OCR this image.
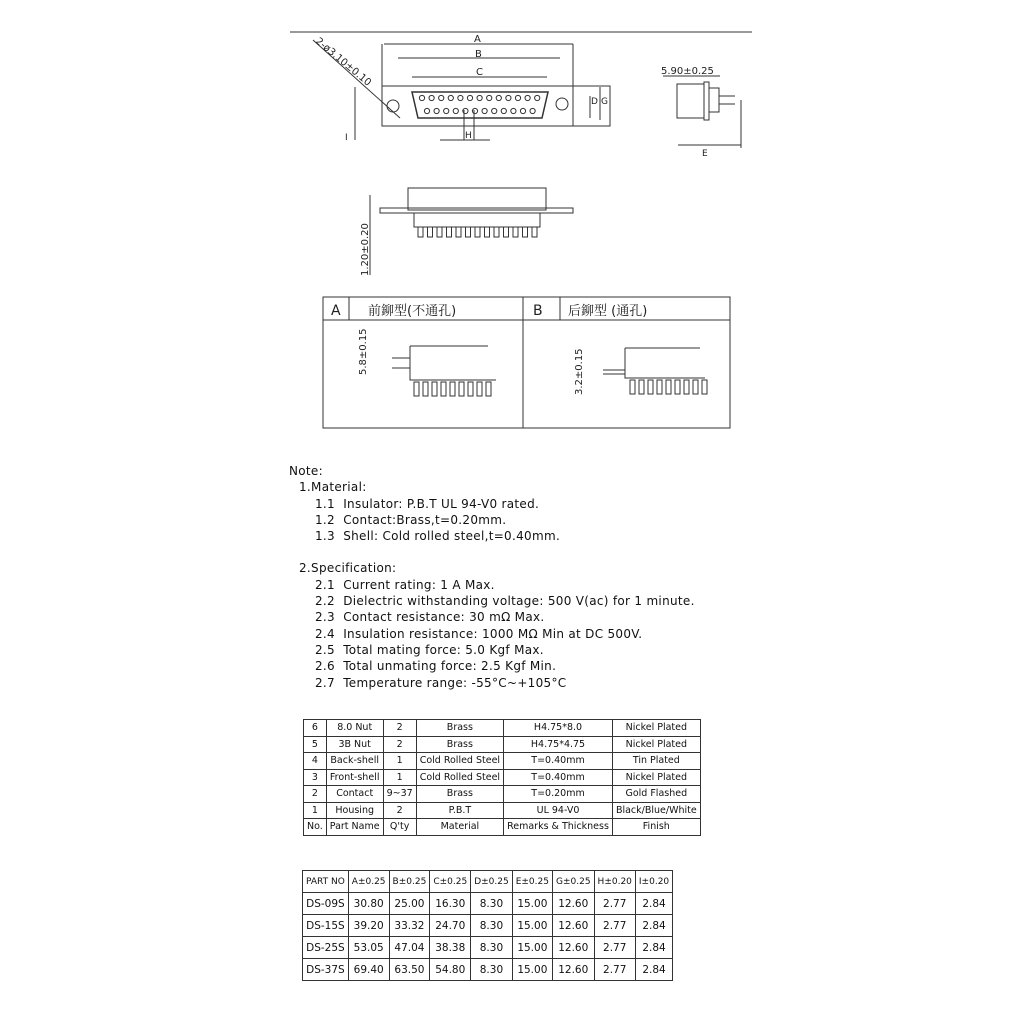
A
B
C
D G
H
I
2-ø3.10±0.10	5.90±0.25
E
1.20±0.20
A 前鉚型(不通孔)	B 后鉚型 (通孔)
5.8±0.15	3.2±0.15
Note:
1.Material:
1.1  Insulator: P.B.T UL 94-V0 rated.
1.2  Contact:Brass,t=0.20mm.
1.3  Shell: Cold rolled steel,t=0.40mm.
2.Specification:
2.1  Current rating: 1 A Max.
2.2  Dielectric withstanding voltage: 500 V(ac) for 1 minute.
2.3  Contact resistance: 30 mΩ Max.
2.4  Insulation resistance: 1000 MΩ Min at DC 500V.
2.5  Total mating force: 5.0 Kgf Max.
2.6  Total unmating force: 2.5 Kgf Min.
2.7  Temperature range: -55°C~+105°C
6	8.0 Nut	2	Brass	H4.75*8.0	Nickel Plated
5	3B Nut	2	Brass	H4.75*4.75	Nickel Plated
4	Back-shell	1	Cold Rolled Steel	T=0.40mm	Tin Plated
3	Front-shell	1	Cold Rolled Steel	T=0.40mm	Nickel Plated
2	Contact	9~37	Brass	T=0.20mm	Gold Flashed
1	Housing	2	P.B.T	UL 94-V0	Black/Blue/White
No.	Part Name	Q'ty	Material	Remarks & Thickness	Finish
PART NO	A±0.25	B±0.25	C±0.25	D±0.25	E±0.25	G±0.25	H±0.20	I±0.20
DS-09S	30.80	25.00	16.30	8.30	15.00	12.60	2.77	2.84
DS-15S	39.20	33.32	24.70	8.30	15.00	12.60	2.77	2.84
DS-25S	53.05	47.04	38.38	8.30	15.00	12.60	2.77	2.84
DS-37S	69.40	63.50	54.80	8.30	15.00	12.60	2.77	2.84
